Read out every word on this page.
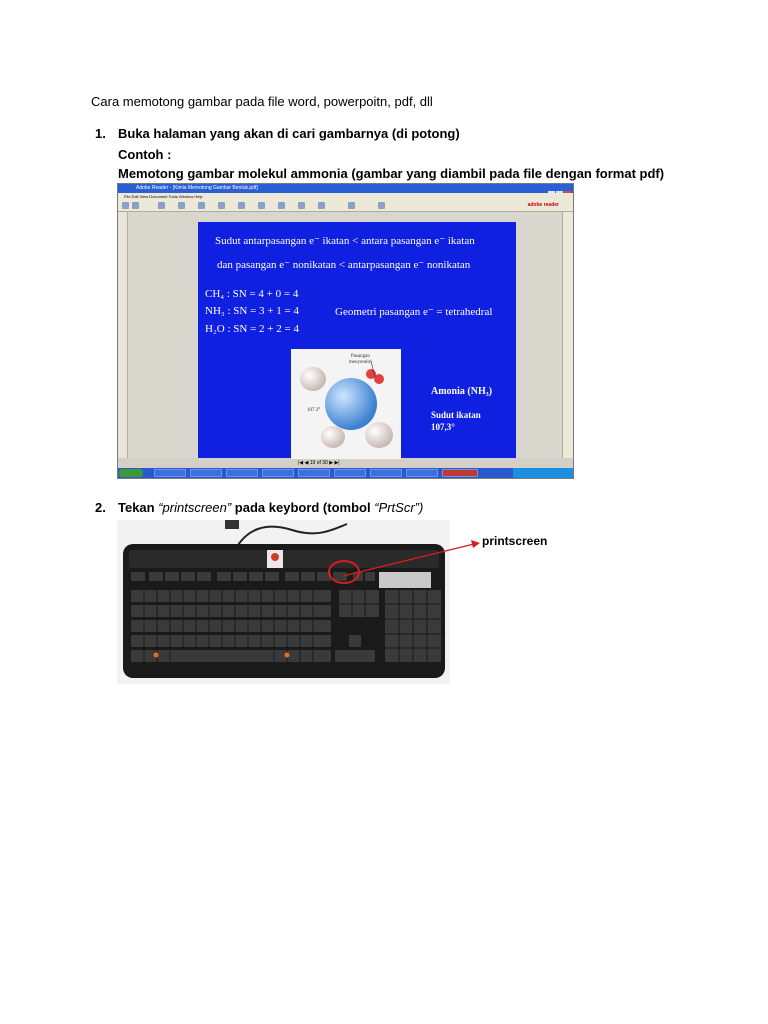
Cara memotong gambar pada file word, powerpoitn, pdf, dll
1. Buka halaman yang akan di cari gambarnya (di potong)
Contoh :
Memotong gambar molekul ammonia (gambar yang diambil pada file dengan format pdf)
Adobe Reader - [Kimia Memotong Gambar Bentuk.pdf]
File Edit View Document Tools Window Help
adobe reader
Sudut antarpasangan e⁻ ikatan < antara pasangan e⁻ ikatan
dan pasangan e⁻ nonikatan < antarpasangan e⁻ nonikatan
CH₄ : SN = 4 + 0 = 4
NH₃ : SN = 3 + 1 = 4
H₂O : SN = 2 + 2 = 4
Geometri pasangan e⁻ = tetrahedral
Pasangan
menyendiri
107.3°
Amonia (NH₃)
Sudut ikatan
107,3°
|◀ ◀ 19 of 30 ▶ ▶|
2. Tekan “printscreen” pada keybord (tombol “PrtScr”)
printscreen
